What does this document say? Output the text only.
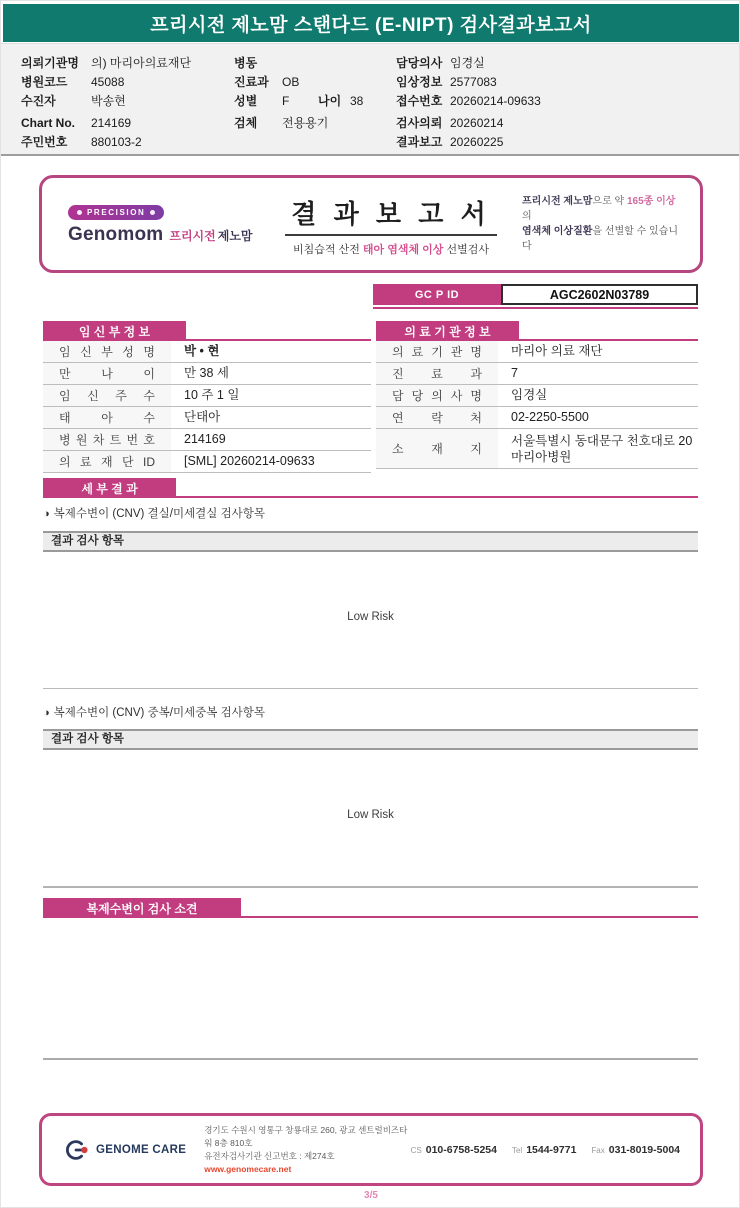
프리시전 제노맘 스탠다드 (E-NIPT) 검사결과보고서
의뢰기관명	의) 마리아의료재단
병원코드	45088
수진자	박송현
Chart No.	214169
주민번호	880103-2
병동
진료과	OB
성별	F	나이 38
검체	전용용기
담당의사 임경실
임상정보 2577083
접수번호 20260214-09633
검사의뢰 20260214
결과보고 20260225
PRECISION
Genomom 프리시전 제노맘
결 과 보 고 서
비침습적 산전 태아 염색체 이상 선별검사
프리시전 제노맘으로 약 165종 이상의
염색체 이상질환을 선별할 수 있습니다
GC P ID	AGC2602N03789
임 신 부 정 보
임 신 부 성 명	박 • 현
만 나 이	만 38 세
임 신 주 수	10 주 1 일
태 아 수	단태아
병 원 차 트 번 호	214169
의 료 재 단 ID	[SML] 20260214-09633
의 료 기 관 정 보
의 료 기 관 명	마리아 의료 재단
진 료 과	7
담 당 의 사 명	임경실
연 락 처	02-2250-5500
소 재 지
서울특별시 동대문구 천호대로 20 마리아병원
세 부 결 과
◑ 복제수변이 (CNV) 결실/미세결실 검사항목
결과 검사 항목
Low Risk
◑ 복제수변이 (CNV) 중복/미세중복 검사항목
결과 검사 항목
Low Risk
복제수변이 검사 소견
GENOME CARE
경기도 수원시 영통구 창룡대로 260, 광교 센트럴비즈타워 8층 810호
유전자검사기관 신고번호 : 제274호
www.genomecare.net
CS 010-6758-5254 Tel 1544-9771 Fax 031-8019-5004
3/5
